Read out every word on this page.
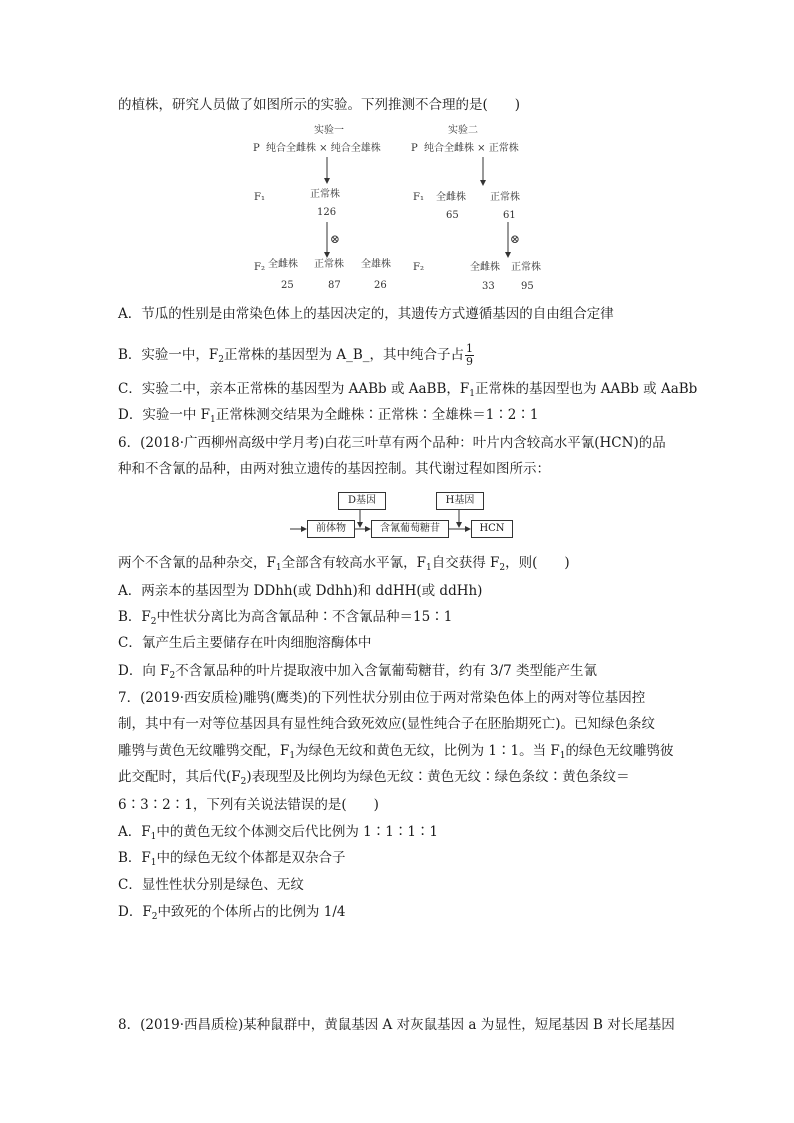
的植株，研究人员做了如图所示的实验。下列推测不合理的是(　　)
实验一
P 纯合全雌株 × 纯合全雄株
F₁	正常株
126
⊗
F₂ 全雌株
25
正常株
87
全雄株
26
实验二
P 纯合全雌株 × 正常株
F₁ 全雌株
65
正常株
61
⊗
F₂	全雌株
33
正常株
95
A．节瓜的性别是由常染色体上的基因决定的，其遗传方式遵循基因的自由组合定律
B．实验一中，$F_2$正常株的基因型为 A_B_，其中纯合子占 $\frac{1}{9}$
C．实验二中，亲本正常株的基因型为 AABb 或 AaBB，$F_1$正常株的基因型也为 AABb 或 AaBb
D．实验一中 $F_1$正常株测交结果为全雌株∶正常株∶全雄株＝1∶2∶1
6．(2018·广西柳州高级中学月考)白花三叶草有两个品种：叶片内含较高水平氰(HCN)的品
种和不含氰的品种，由两对独立遗传的基因控制。其代谢过程如图所示：
D基因	H基因
前体物	含氰葡萄糖苷	HCN
两个不含氰的品种杂交，$F_1$全部含有较高水平氰，$F_1$自交获得 $F_2$，则(　　)
A．两亲本的基因型为 DDhh(或 Ddhh)和 ddHH(或 ddHh)
B．$F_2$中性状分离比为高含氰品种∶不含氰品种＝15∶1
C．氰产生后主要储存在叶肉细胞溶酶体中
D．向 $F_2$不含氰品种的叶片提取液中加入含氰葡萄糖苷，约有 3/7 类型能产生氰
7．(2019·西安质检)雕鸮(鹰类)的下列性状分别由位于两对常染色体上的两对等位基因控
制，其中有一对等位基因具有显性纯合致死效应(显性纯合子在胚胎期死亡)。已知绿色条纹
雕鸮与黄色无纹雕鸮交配，$F_1$为绿色无纹和黄色无纹，比例为 1∶1。当 $F_1$的绿色无纹雕鸮彼
此交配时，其后代$(F_2)$表现型及比例均为绿色无纹∶黄色无纹∶绿色条纹∶黄色条纹＝
6∶3∶2∶1，下列有关说法错误的是(　　)
A．$F_1$中的黄色无纹个体测交后代比例为 1∶1∶1∶1
B．$F_1$中的绿色无纹个体都是双杂合子
C．显性性状分别是绿色、无纹
D．$F_2$中致死的个体所占的比例为 1/4
8．(2019·西昌质检)某种鼠群中，黄鼠基因 A 对灰鼠基因 a 为显性，短尾基因 B 对长尾基因
